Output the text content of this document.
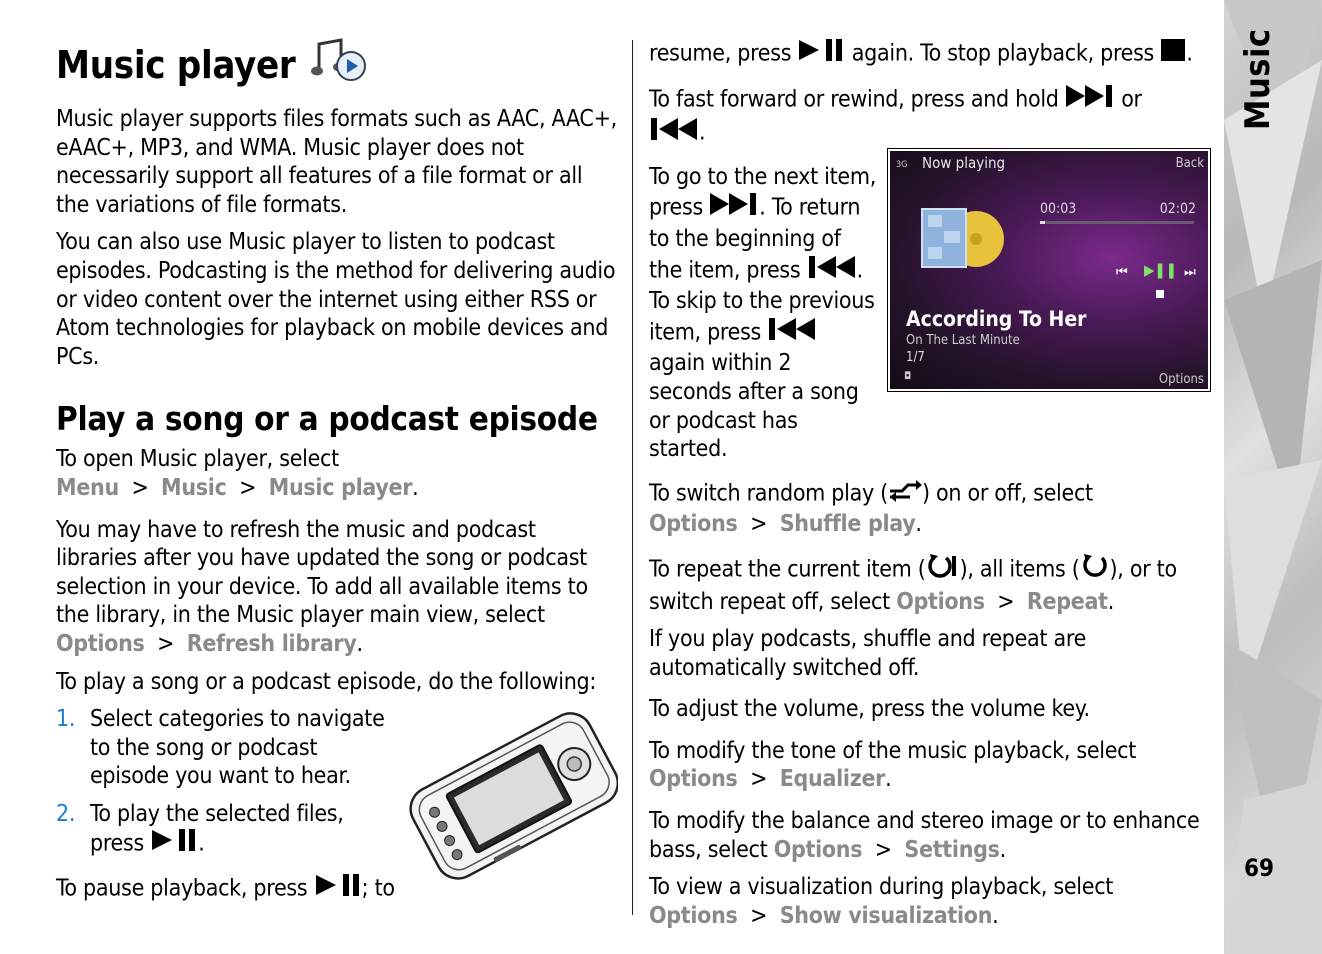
Music
69
Music player

Music player supports files formats such as AAC, AAC+, eAAC+, MP3, and WMA. Music player does not necessarily support all features of a file format or all the variations of file formats.

You can also use Music player to listen to podcast episodes. Podcasting is the method for delivering audio or video content over the internet using either RSS or Atom technologies for playback on mobile devices and PCs.

Play a song or a podcast episode

To open Music player, select Menu  >  Music  >  Music player.

You may have to refresh the music and podcast libraries after you have updated the song or podcast selection in your device. To add all available items to the library, in the Music player main view, select Options  >  Refresh library.

To play a song or a podcast episode, do the following:

1. Select categories to navigate to the song or podcast episode you want to hear.
2. To play the selected files, press .

To pause playback, press ; to

resume, press	again. To stop playback, press .

To fast forward or rewind, press and hold	or
.

To go to the next item, press . To return to the beginning of the item, press . To skip to the previous item, press  again within 2 seconds after a song or podcast has started.

To switch random play ( ) on or off, select Options  >  Shuffle play.

To repeat the current item ( ), all items ( ), or to switch repeat off, select Options  >  Repeat.

If you play podcasts, shuffle and repeat are automatically switched off.

To adjust the volume, press the volume key.

To modify the tone of the music playback, select Options  >  Equalizer.

To modify the balance and stereo image or to enhance bass, select Options  >  Settings.

To view a visualization during playback, select Options  >  Show visualization.

3G Now playing	Back
00:03	02:02
⏮ ▶❚❚ ⏭
According To Her
On The Last Minute
1/7
Options
◘
